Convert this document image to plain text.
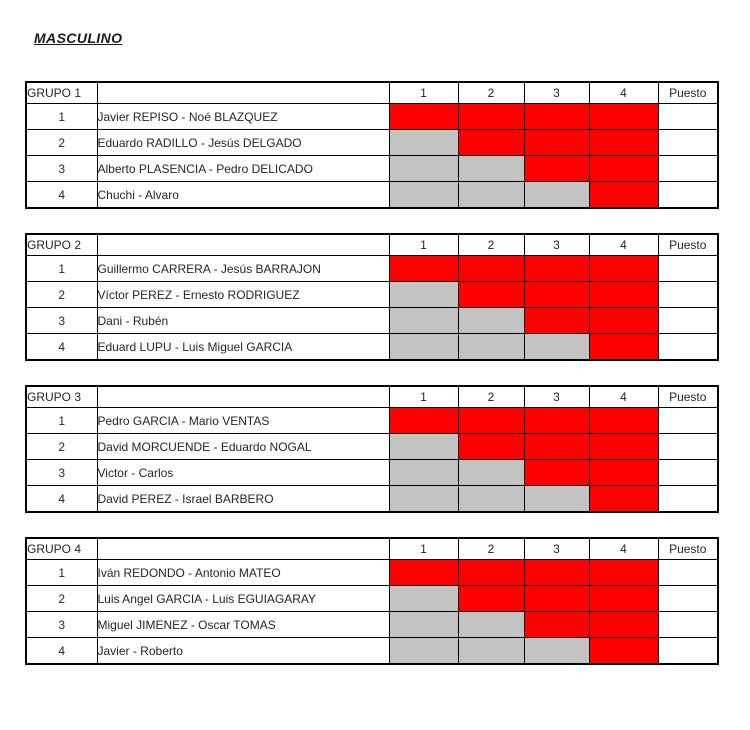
MASCULINO
GRUPO 1		1	2	3	4	Puesto
1	Javier REPISO - Noé BLAZQUEZ					
2	Eduardo RADILLO - Jesús DELGADO					
3	Alberto PLASENCIA - Pedro DELICADO					
4	Chuchi - Alvaro					
GRUPO 2		1	2	3	4	Puesto
1	Guillermo CARRERA - Jesús BARRAJON					
2	Víctor PEREZ - Ernesto RODRIGUEZ					
3	Dani - Rubén					
4	Eduard LUPU - Luis Miguel GARCIA					
GRUPO 3		1	2	3	4	Puesto
1	Pedro GARCIA - Mario VENTAS					
2	David MORCUENDE - Eduardo NOGAL					
3	Victor - Carlos					
4	David PEREZ - Israel BARBERO					
GRUPO 4		1	2	3	4	Puesto
1	Iván REDONDO - Antonio MATEO					
2	Luis Angel GARCIA - Luis EGUIAGARAY					
3	Miguel JIMENEZ - Oscar TOMAS					
4	Javier - Roberto					
